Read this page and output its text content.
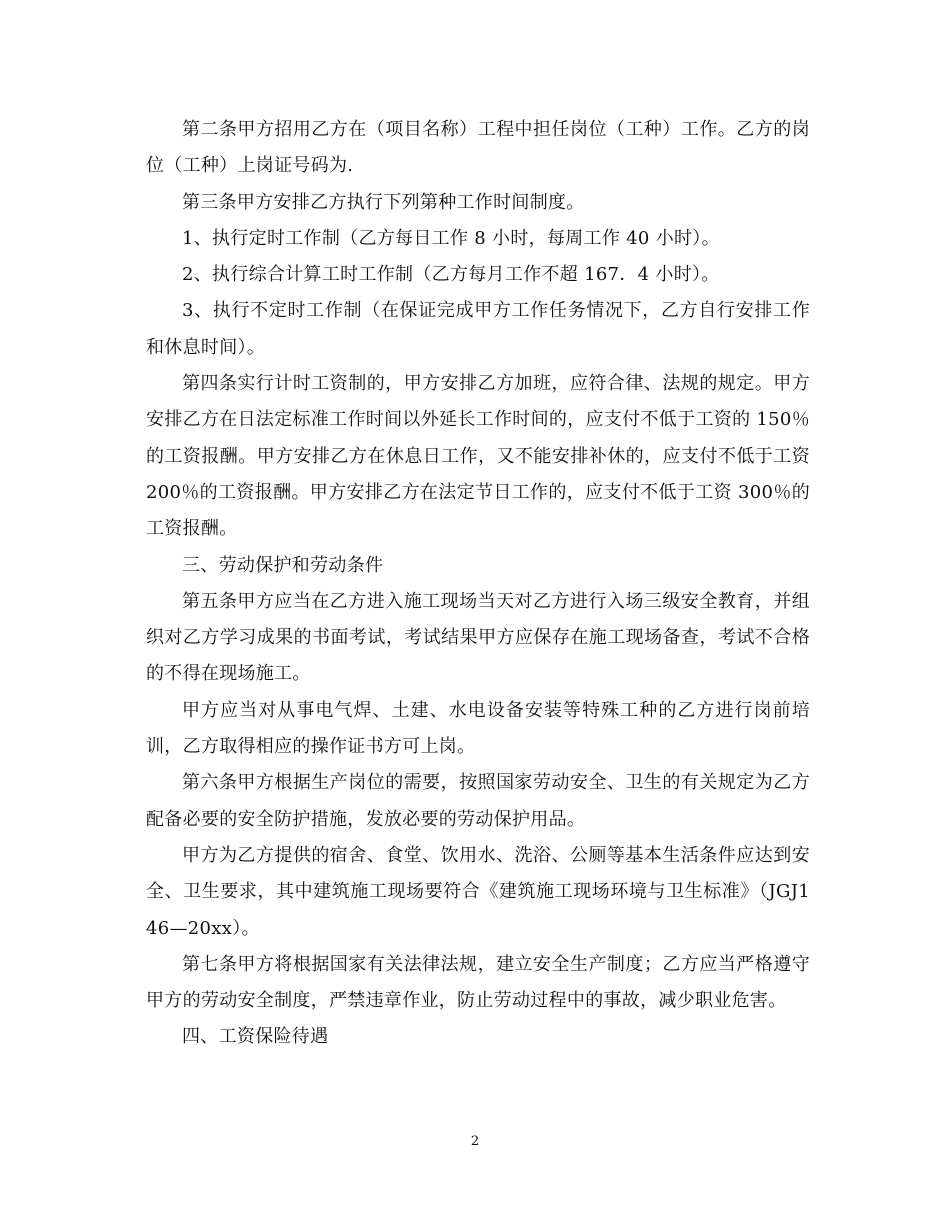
第二条甲方招用乙方在（项目名称）工程中担任岗位（工种）工作。乙方的岗位（工种）上岗证号码为.

第三条甲方安排乙方执行下列第种工作时间制度。

1、执行定时工作制（乙方每日工作 8 小时，每周工作 40 小时）。

2、执行综合计算工时工作制（乙方每月工作不超 167．4 小时）。

3、执行不定时工作制（在保证完成甲方工作任务情况下，乙方自行安排工作和休息时间）。

第四条实行计时工资制的，甲方安排乙方加班，应符合律、法规的规定。甲方安排乙方在日法定标准工作时间以外延长工作时间的，应支付不低于工资的 150％的工资报酬。甲方安排乙方在休息日工作，又不能安排补休的，应支付不低于工资 200％的工资报酬。甲方安排乙方在法定节日工作的，应支付不低于工资 300％的工资报酬。

三、劳动保护和劳动条件

第五条甲方应当在乙方进入施工现场当天对乙方进行入场三级安全教育，并组织对乙方学习成果的书面考试，考试结果甲方应保存在施工现场备查，考试不合格的不得在现场施工。

甲方应当对从事电气焊、土建、水电设备安装等特殊工种的乙方进行岗前培训，乙方取得相应的操作证书方可上岗。

第六条甲方根据生产岗位的需要，按照国家劳动安全、卫生的有关规定为乙方配备必要的安全防护措施，发放必要的劳动保护用品。

甲方为乙方提供的宿舍、食堂、饮用水、洗浴、公厕等基本生活条件应达到安全、卫生要求，其中建筑施工现场要符合《建筑施工现场环境与卫生标准》（JGJ146—20xx）。

第七条甲方将根据国家有关法律法规，建立安全生产制度；乙方应当严格遵守甲方的劳动安全制度，严禁违章作业，防止劳动过程中的事故，减少职业危害。

四、工资保险待遇

2
